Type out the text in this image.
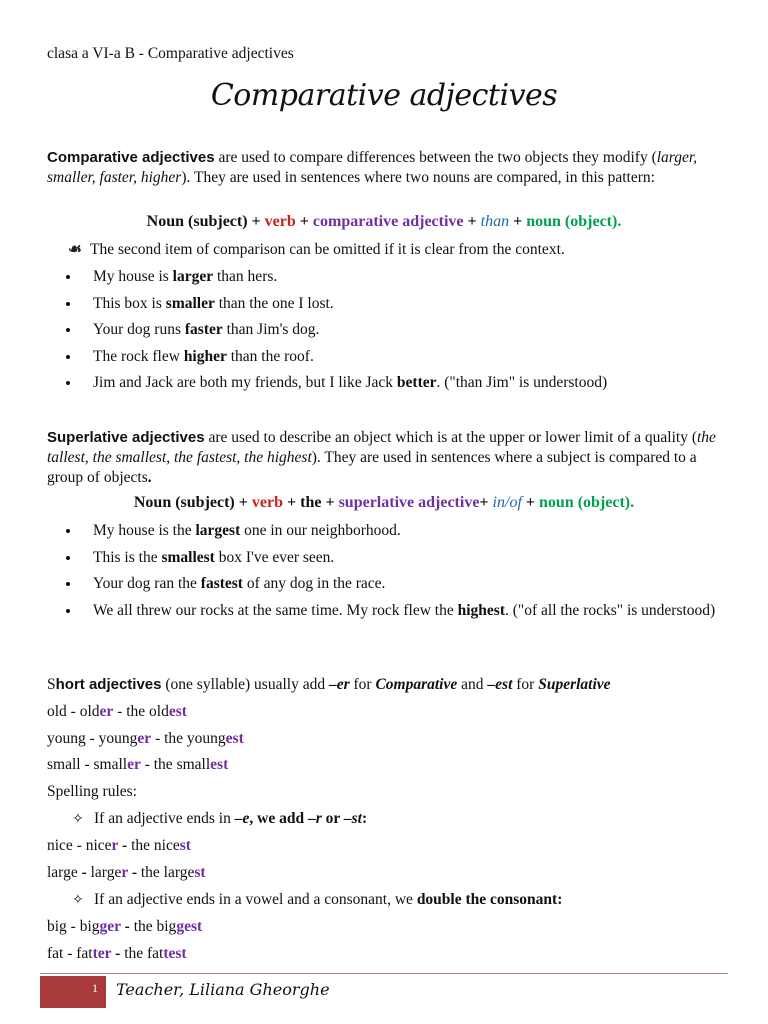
clasa a VI-a B - Comparative adjectives
Comparative adjectives
Comparative adjectives are used to compare differences between the two objects they modify (larger, smaller, faster, higher). They are used in sentences where two nouns are compared, in this pattern:
Noun (subject) + verb + comparative adjective + than + noun (object).
☙ The second item of comparison can be omitted if it is clear from the context.
My house is larger than hers.
This box is smaller than the one I lost.
Your dog runs faster than Jim's dog.
The rock flew higher than the roof.
Jim and Jack are both my friends, but I like Jack better. ("than Jim" is understood)
Superlative adjectives are used to describe an object which is at the upper or lower limit of a quality (the tallest, the smallest, the fastest, the highest). They are used in sentences where a subject is compared to a group of objects.
Noun (subject) + verb + the + superlative adjective+ in/of + noun (object).
My house is the largest one in our neighborhood.
This is the smallest box I've ever seen.
Your dog ran the fastest of any dog in the race.
We all threw our rocks at the same time. My rock flew the highest. ("of all the rocks" is understood)
Short adjectives (one syllable) usually add –er for Comparative and –est for Superlative
old - older - the oldest
young - younger - the youngest
small - smaller - the smallest
Spelling rules:
✧ If an adjective ends in –e, we add –r or –st:
nice - nicer - the nicest
large - larger - the largest
✧ If an adjective ends in a vowel and a consonant, we double the consonant:
big - bigger - the biggest
fat - fatter - the fattest
1	Teacher, Liliana Gheorghe
